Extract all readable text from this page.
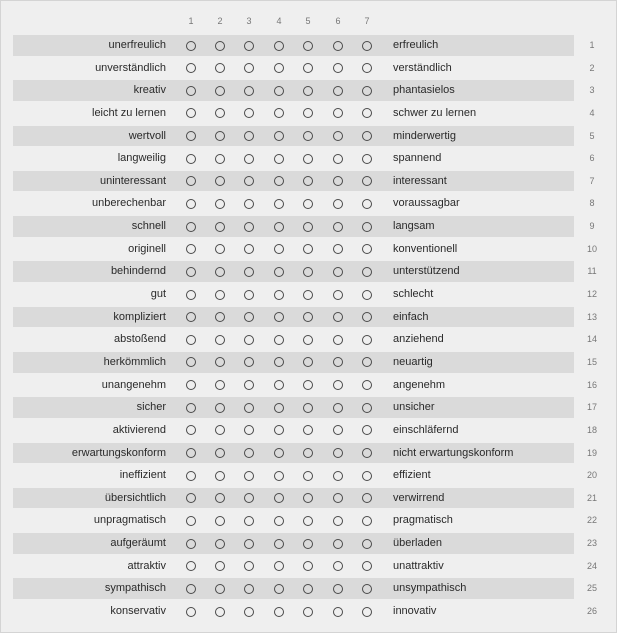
1	2	3	4	5	6	7
unerfreulich	erfreulich	1
unverständlich	verständlich	2
kreativ	phantasielos	3
leicht zu lernen	schwer zu lernen	4
wertvoll	minderwertig	5
langweilig	spannend	6
uninteressant	interessant	7
unberechenbar	voraussagbar	8
schnell	langsam	9
originell	konventionell	10
behindernd	unterstützend	11
gut	schlecht	12
kompliziert	einfach	13
abstoßend	anziehend	14
herkömmlich	neuartig	15
unangenehm	angenehm	16
sicher	unsicher	17
aktivierend	einschläfernd	18
erwartungskonform	nicht erwartungskonform	19
ineffizient	effizient	20
übersichtlich	verwirrend	21
unpragmatisch	pragmatisch	22
aufgeräumt	überladen	23
attraktiv	unattraktiv	24
sympathisch	unsympathisch	25
konservativ	innovativ	26
